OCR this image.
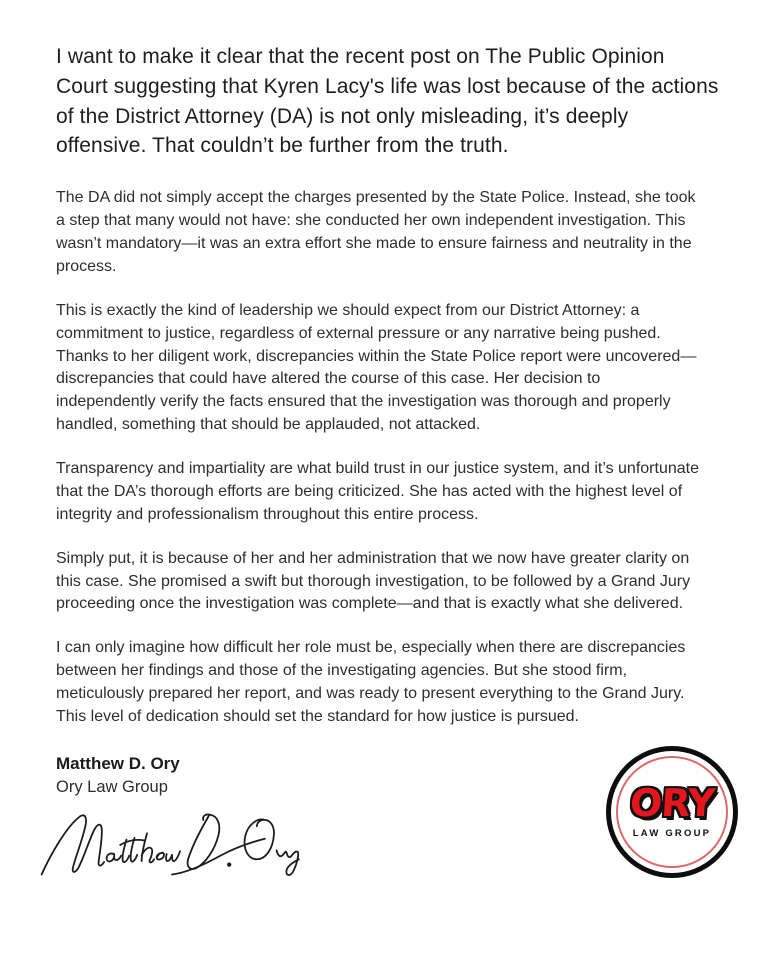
I want to make it clear that the recent post on The Public Opinion Court suggesting that Kyren Lacy's life was lost because of the actions of the District Attorney (DA) is not only misleading, it’s deeply offensive. That couldn’t be further from the truth.

The DA did not simply accept the charges presented by the State Police. Instead, she took a step that many would not have: she conducted her own independent investigation. This wasn’t mandatory—it was an extra effort she made to ensure fairness and neutrality in the process.

This is exactly the kind of leadership we should expect from our District Attorney: a commitment to justice, regardless of external pressure or any narrative being pushed. Thanks to her diligent work, discrepancies within the State Police report were uncovered—discrepancies that could have altered the course of this case. Her decision to independently verify the facts ensured that the investigation was thorough and properly handled, something that should be applauded, not attacked.

Transparency and impartiality are what build trust in our justice system, and it’s unfortunate that the DA’s thorough efforts are being criticized. She has acted with the highest level of integrity and professionalism throughout this entire process.

Simply put, it is because of her and her administration that we now have greater clarity on this case. She promised a swift but thorough investigation, to be followed by a Grand Jury proceeding once the investigation was complete—and that is exactly what she delivered.

I can only imagine how difficult her role must be, especially when there are discrepancies between her findings and those of the investigating agencies. But she stood firm, meticulously prepared her report, and was ready to present everything to the Grand Jury. This level of dedication should set the standard for how justice is pursued.

Matthew D. Ory
Ory Law Group	ORY
LAW GROUP
